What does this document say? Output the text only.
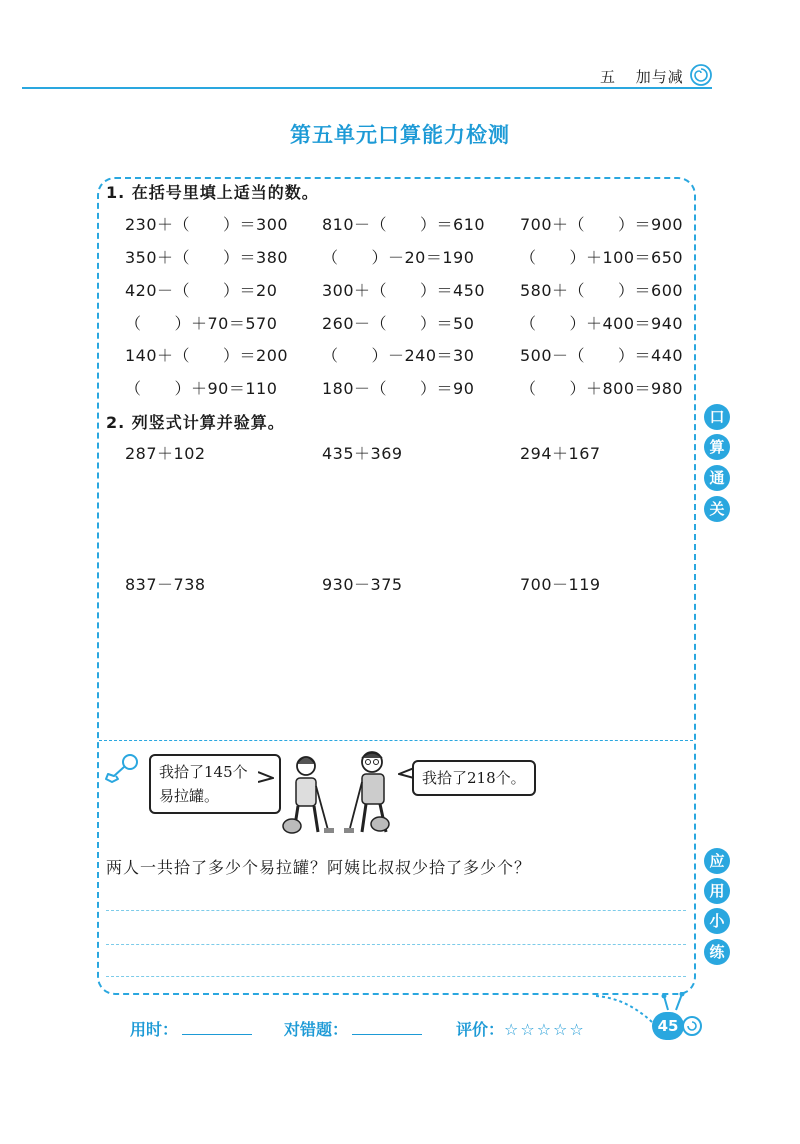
五 加与减
第五单元口算能力检测
1. 在括号里填上适当的数。
230＋（　　）＝300 810－（　　）＝610 700＋（　　）＝900
350＋（　　）＝380 （　　）－20＝190	（　　）＋100＝650
420－（　　）＝20	300＋（　　）＝450 580＋（　　）＝600
（　　）＋70＝570	260－（　　）＝50	（　　）＋400＝940
140＋（　　）＝200 （　　）－240＝30	500－（　　）＝440
（　　）＋90＝110	180－（　　）＝90	（　　）＋800＝980
2. 列竖式计算并验算。
287＋102	435＋369	294＋167
837－738	930－375	700－119
口
算
通
关
应
用
小
练
我拾了145个
易拉罐。
我拾了218个。
两人一共拾了多少个易拉罐？阿姨比叔叔少拾了多少个？
用时：	对错题：	评价：☆☆☆☆☆	45
